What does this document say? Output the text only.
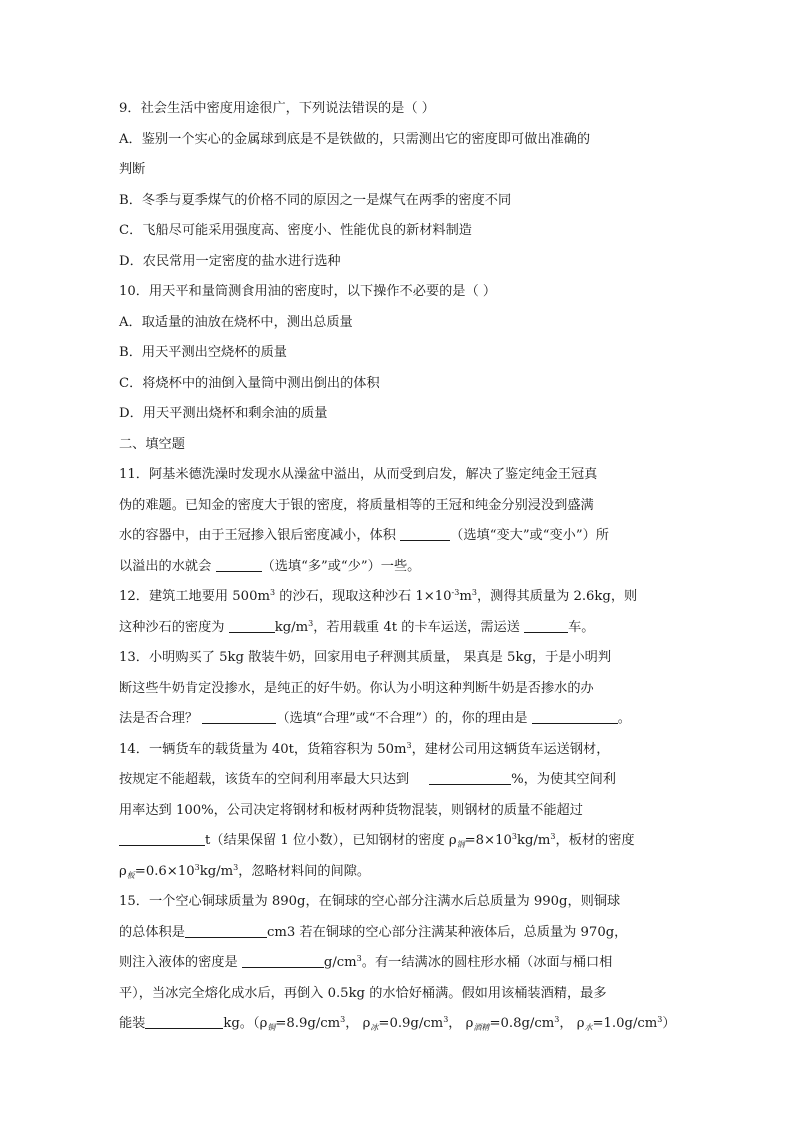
9．社会生活中密度用途很广，下列说法错误的是（ ）
A．鉴别一个实心的金属球到底是不是铁做的，只需测出它的密度即可做出准确的
判断
B．冬季与夏季煤气的价格不同的原因之一是煤气在两季的密度不同
C．飞船尽可能采用强度高、密度小、性能优良的新材料制造
D．农民常用一定密度的盐水进行选种
10．用天平和量筒测食用油的密度时，以下操作不必要的是（ ）
A．取适量的油放在烧杯中，测出总质量
B．用天平测出空烧杯的质量
C．将烧杯中的油倒入量筒中测出倒出的体积
D．用天平测出烧杯和剩余油的质量
二、填空题
11．阿基米德洗澡时发现水从澡盆中溢出，从而受到启发，解决了鉴定纯金王冠真
伪的难题。已知金的密度大于银的密度，将质量相等的王冠和纯金分别浸没到盛满
水的容器中，由于王冠掺入银后密度减小，体积	（选填“变大”或“变小”）所
以溢出的水就会	（选填“多”或“少”）一些。
12．建筑工地要用 $500m^3$ 的沙石，现取这种沙石 $1\times 10^{-3}m^3$，测得其质量为 2.6kg，则
这种沙石的密度为	$kg/m^3$，若用载重 4t 的卡车运送，需运送	车。
13．小明购买了 5kg 散装牛奶，回家用电子秤测其质量， 果真是 5kg，于是小明判
断这些牛奶肯定没掺水，是纯正的好牛奶。你认为小明这种判断牛奶是否掺水的办
法是否合理？	（选填“合理”或“不合理”）的，你的理由是	。
14．一辆货车的载货量为 40t，货箱容积为 $50m^3$，建材公司用这辆货车运送钢材，
按规定不能超载，该货车的空间利用率最大只达到	%，为使其空间利
用率达到 100%，公司决定将钢材和板材两种货物混装，则钢材的质量不能超过
t（结果保留 1 位小数），已知钢材的密度 $\rho_钢=8\times 10^3kg/m^3$，板材的密度
$\rho_板=0.6\times 10^3kg/m^3$，忽略材料间的间隙。
15．一个空心铜球质量为 890g，在铜球的空心部分注满水后总质量为 990g，则铜球
的总体积是	cm3 若在铜球的空心部分注满某种液体后，总质量为 970g，
则注入液体的密度是	$g/cm^3$。有一结满冰的圆柱形水桶（冰面与桶口相
平），当冰完全熔化成水后，再倒入 0.5kg 的水恰好桶满。假如用该桶装酒精，最多
能装	kg。（$\rho_铜=8.9g/cm^3$， $\rho_冰=0.9g/cm^3$， $\rho_{酒精}=0.8g/cm^3$， $\rho_水=1.0g/cm^3$）
